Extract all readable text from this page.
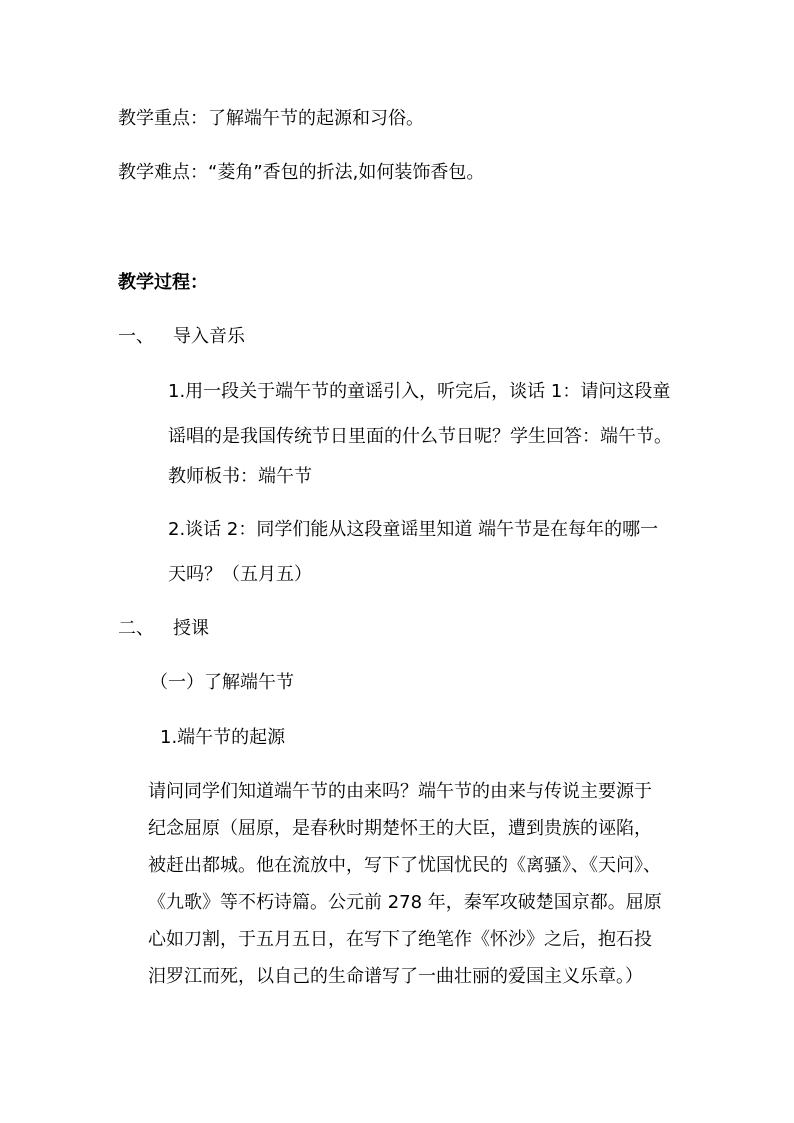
教学重点：了解端午节的起源和习俗。
教学难点：“菱角”香包的折法,如何装饰香包。
教学过程：
一、 导入音乐
1.用一段关于端午节的童谣引入，听完后，谈话 1：请问这段童
谣唱的是我国传统节日里面的什么节日呢？学生回答：端午节。
教师板书：端午节
2.谈话 2：同学们能从这段童谣里知道 端午节是在每年的哪一
天吗？（五月五）
二、 授课
（一）了解端午节
1.端午节的起源
请问同学们知道端午节的由来吗？端午节的由来与传说主要源于
纪念屈原（屈原，是春秋时期楚怀王的大臣，遭到贵族的诬陷，
被赶出都城。他在流放中，写下了忧国忧民的《离骚》、《天问》、
《九歌》等不朽诗篇。公元前 278 年，秦军攻破楚国京都。屈原
心如刀割，于五月五日，在写下了绝笔作《怀沙》之后，抱石投
汨罗江而死，以自己的生命谱写了一曲壮丽的爱国主义乐章。）
